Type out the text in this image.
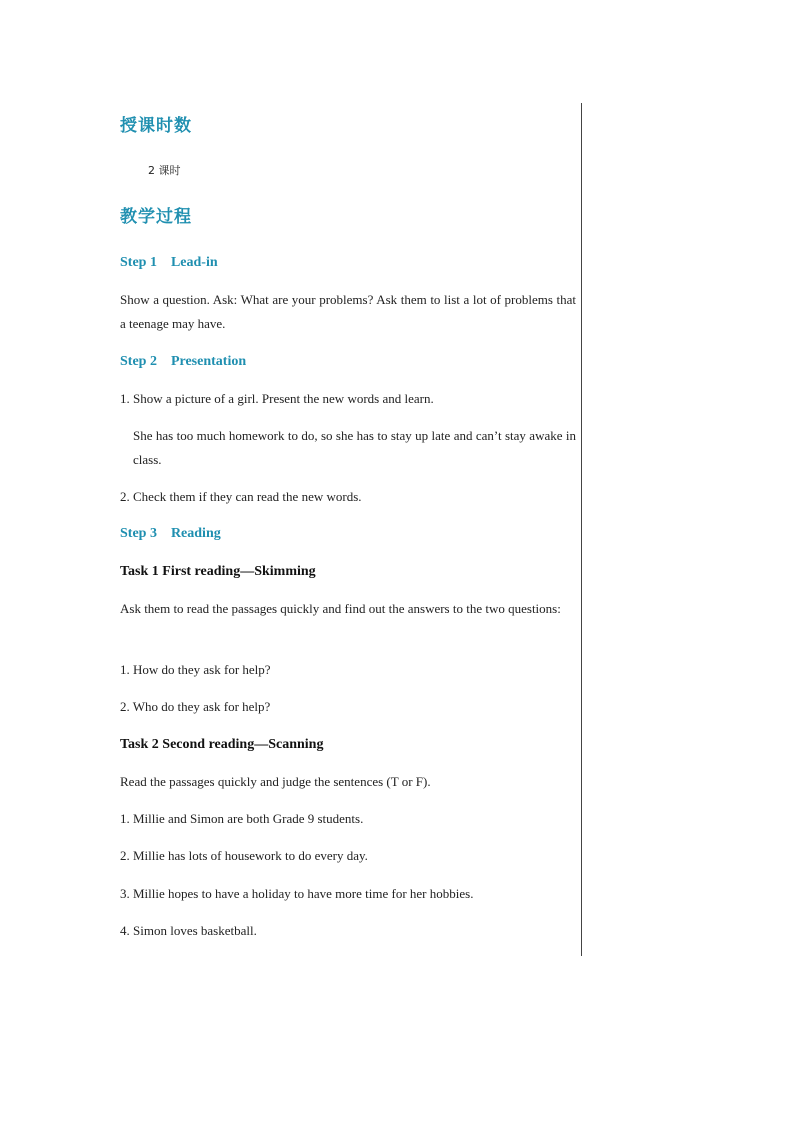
授课时数
2 课时
教学过程
Step 1    Lead-in

Show a question. Ask: What are your problems? Ask them to list a lot of problems that a teenage may have.

Step 2    Presentation

1. Show a picture of a girl. Present the new words and learn.

She has too much homework to do, so she has to stay up late and can’t stay awake in class.

2. Check them if they can read the new words.

Step 3    Reading
Task 1 First reading—Skimming

Ask them to read the passages quickly and find out the answers to the two questions:

1. How do they ask for help?

2. Who do they ask for help?

Task 2 Second reading—Scanning

Read the passages quickly and judge the sentences (T or F).

1. Millie and Simon are both Grade 9 students.

2. Millie has lots of housework to do every day.

3. Millie hopes to have a holiday to have more time for her hobbies.

4. Simon loves basketball.
